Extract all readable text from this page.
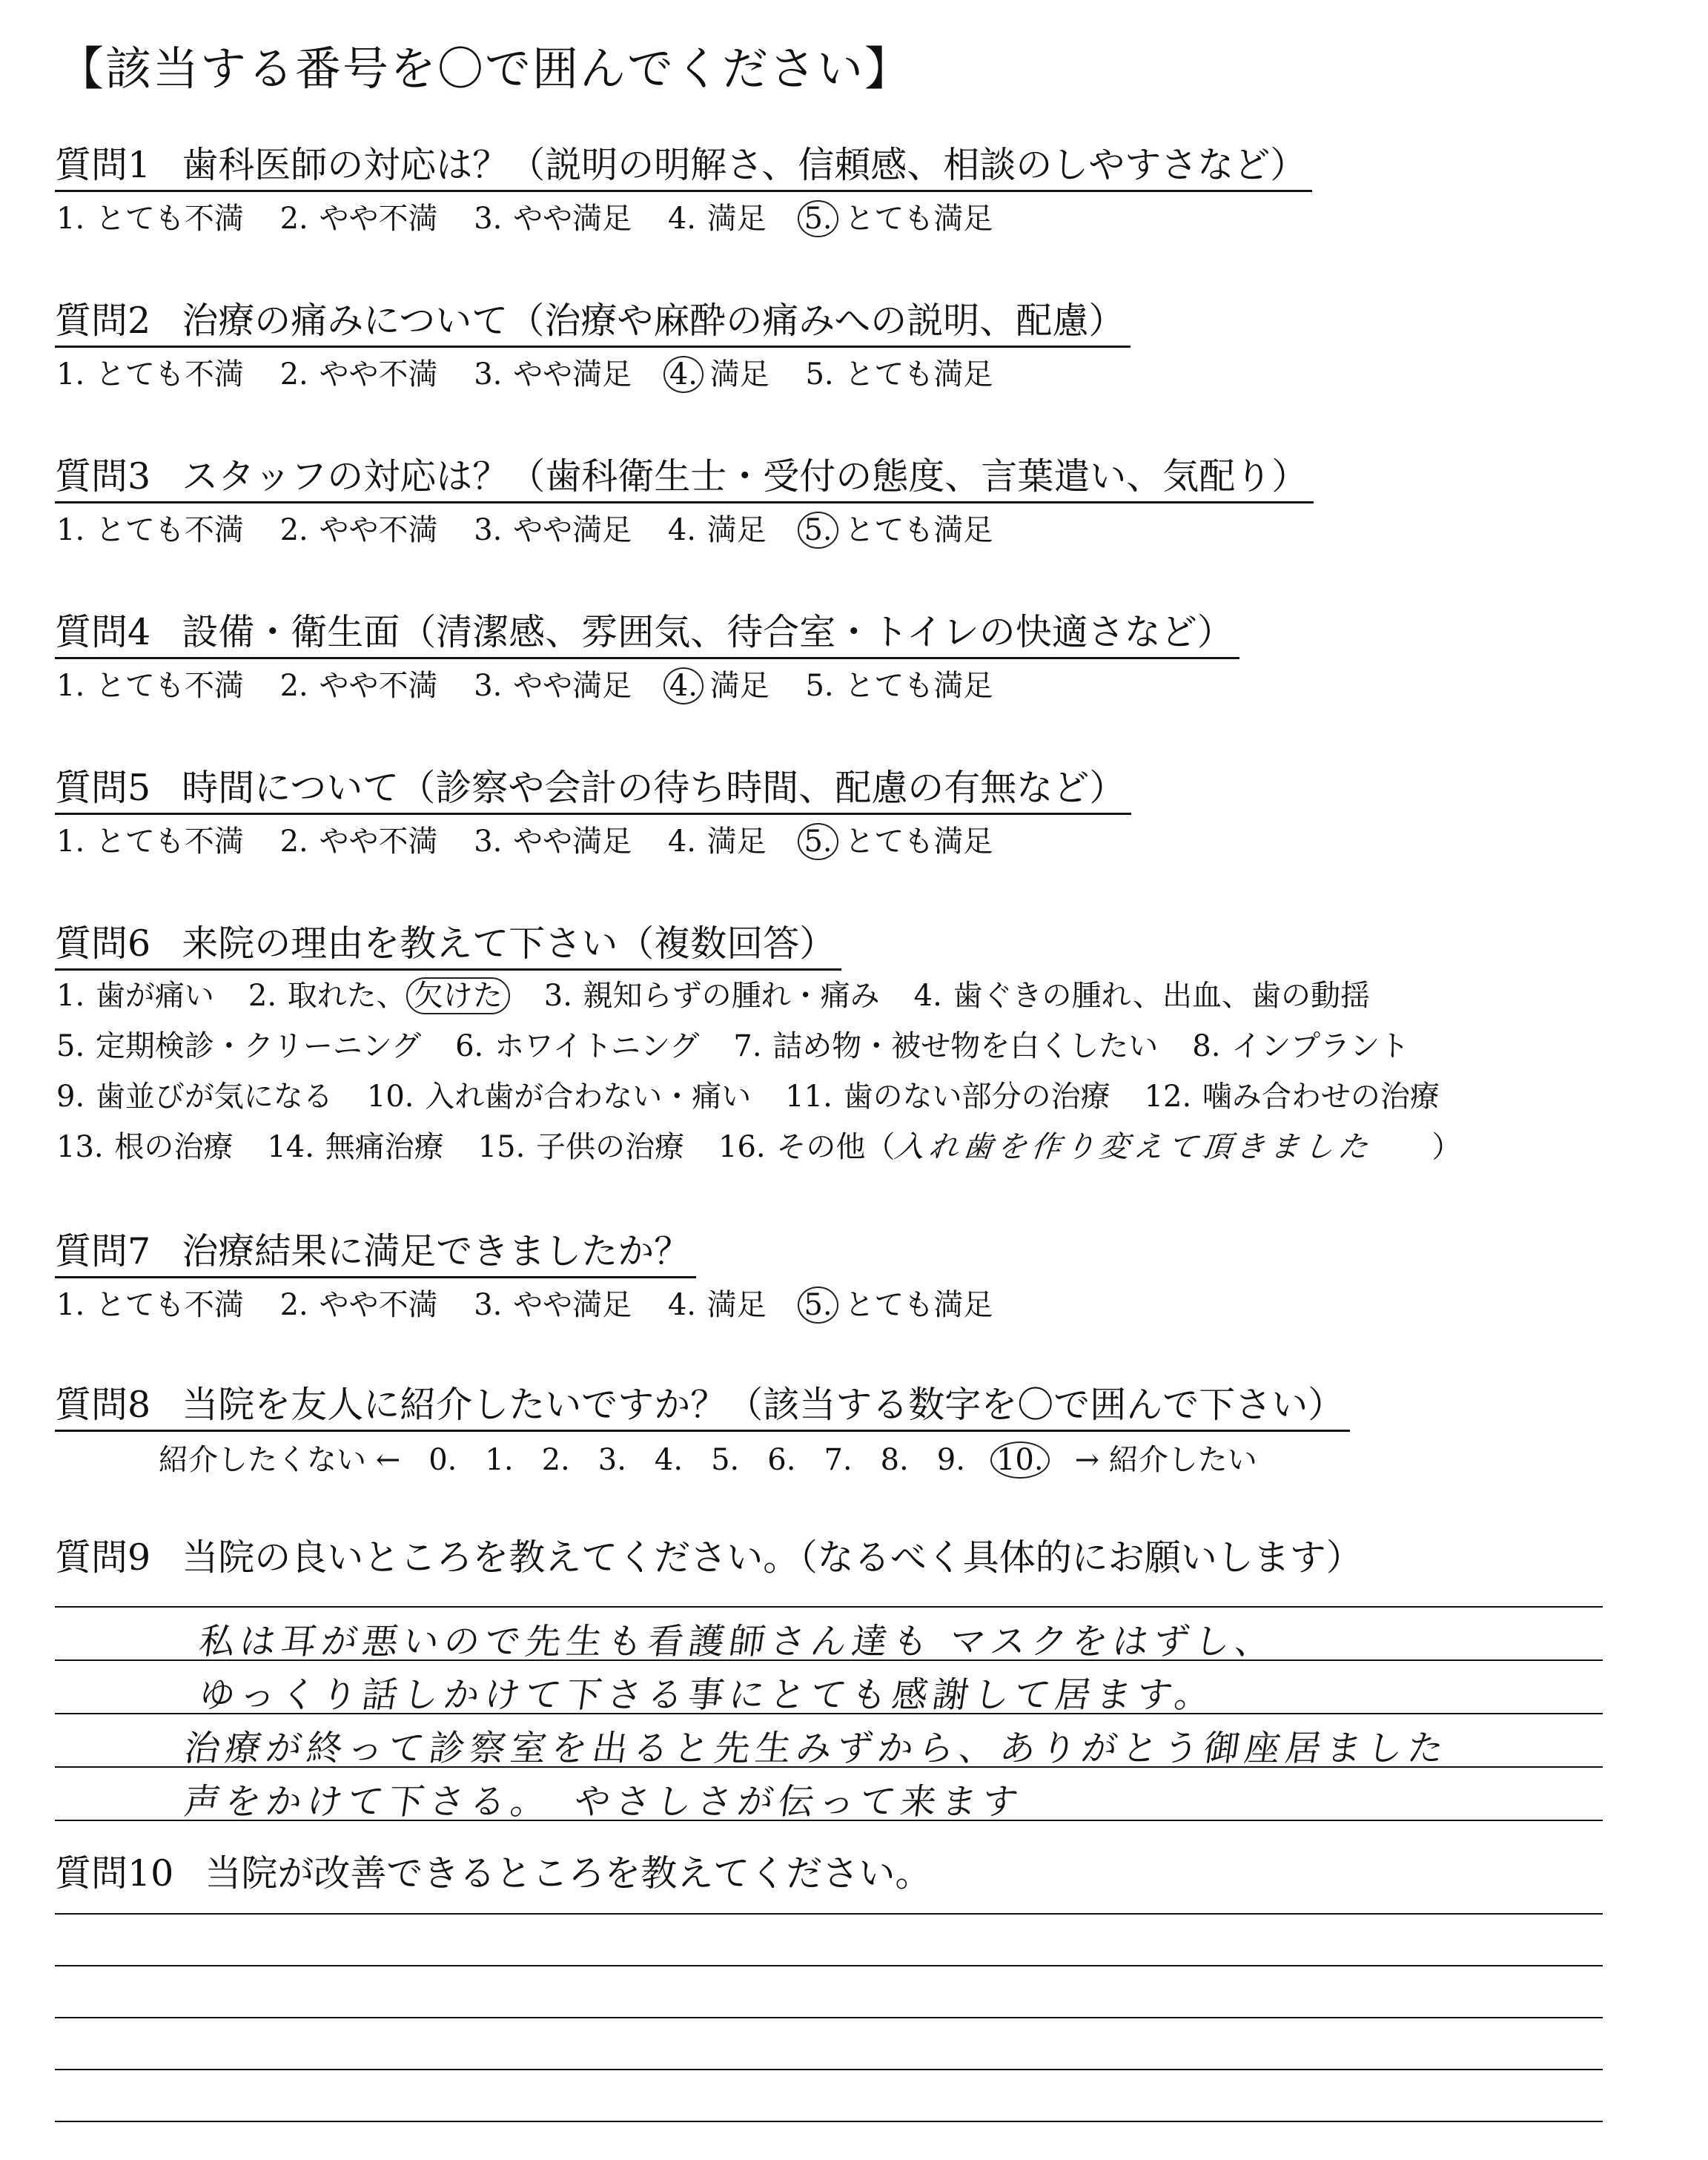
【該当する番号を〇で囲んでください】
質問1 歯科医師の対応は？（説明の明解さ、信頼感、相談のしやすさなど）
1. とても不満 2. やや不満 3. やや満足 4. 満足 5. とても満足
質問2 治療の痛みについて（治療や麻酔の痛みへの説明、配慮）
1. とても不満 2. やや不満 3. やや満足 4. 満足 5. とても満足
質問3 スタッフの対応は？（歯科衛生士・受付の態度、言葉遣い、気配り）
1. とても不満 2. やや不満 3. やや満足 4. 満足 5. とても満足
質問4 設備・衛生面（清潔感、雰囲気、待合室・トイレの快適さなど）
1. とても不満 2. やや不満 3. やや満足 4. 満足 5. とても満足
質問5 時間について（診察や会計の待ち時間、配慮の有無など）
1. とても不満 2. やや不満 3. やや満足 4. 満足 5. とても満足
質問6 来院の理由を教えて下さい（複数回答）
1. 歯が痛い 2. 取れた、 欠けた 3. 親知らずの腫れ・痛み 4. 歯ぐきの腫れ、出血、歯の動揺
5. 定期検診・クリーニング 6. ホワイトニング 7. 詰め物・被せ物を白くしたい 8. インプラント
9. 歯並びが気になる 10. 入れ歯が合わない・痛い 11. 歯のない部分の治療 12. 噛み合わせの治療
13. 根の治療 14. 無痛治療 15. 子供の治療 16. その他（入れ歯を作り変えて頂きました　　 ）
質問7 治療結果に満足できましたか？
1. とても不満 2. やや不満 3. やや満足 4. 満足 5. とても満足
質問8 当院を友人に紹介したいですか？（該当する数字を〇で囲んで下さい）
紹介したくない ← 0. 1. 2. 3. 4. 5. 6. 7. 8. 9. 10. → 紹介したい
質問9 当院の良いところを教えてください。（なるべく具体的にお願いします）
私は耳が悪いので先生も看護師さん達も マスクをはずし、
ゆっくり話しかけて下さる事にとても感謝して居ます。
治療が終って診察室を出ると先生みずから、ありがとう御座居ました
声をかけて下さる。　やさしさが伝って来ます
質問10 当院が改善できるところを教えてください。
